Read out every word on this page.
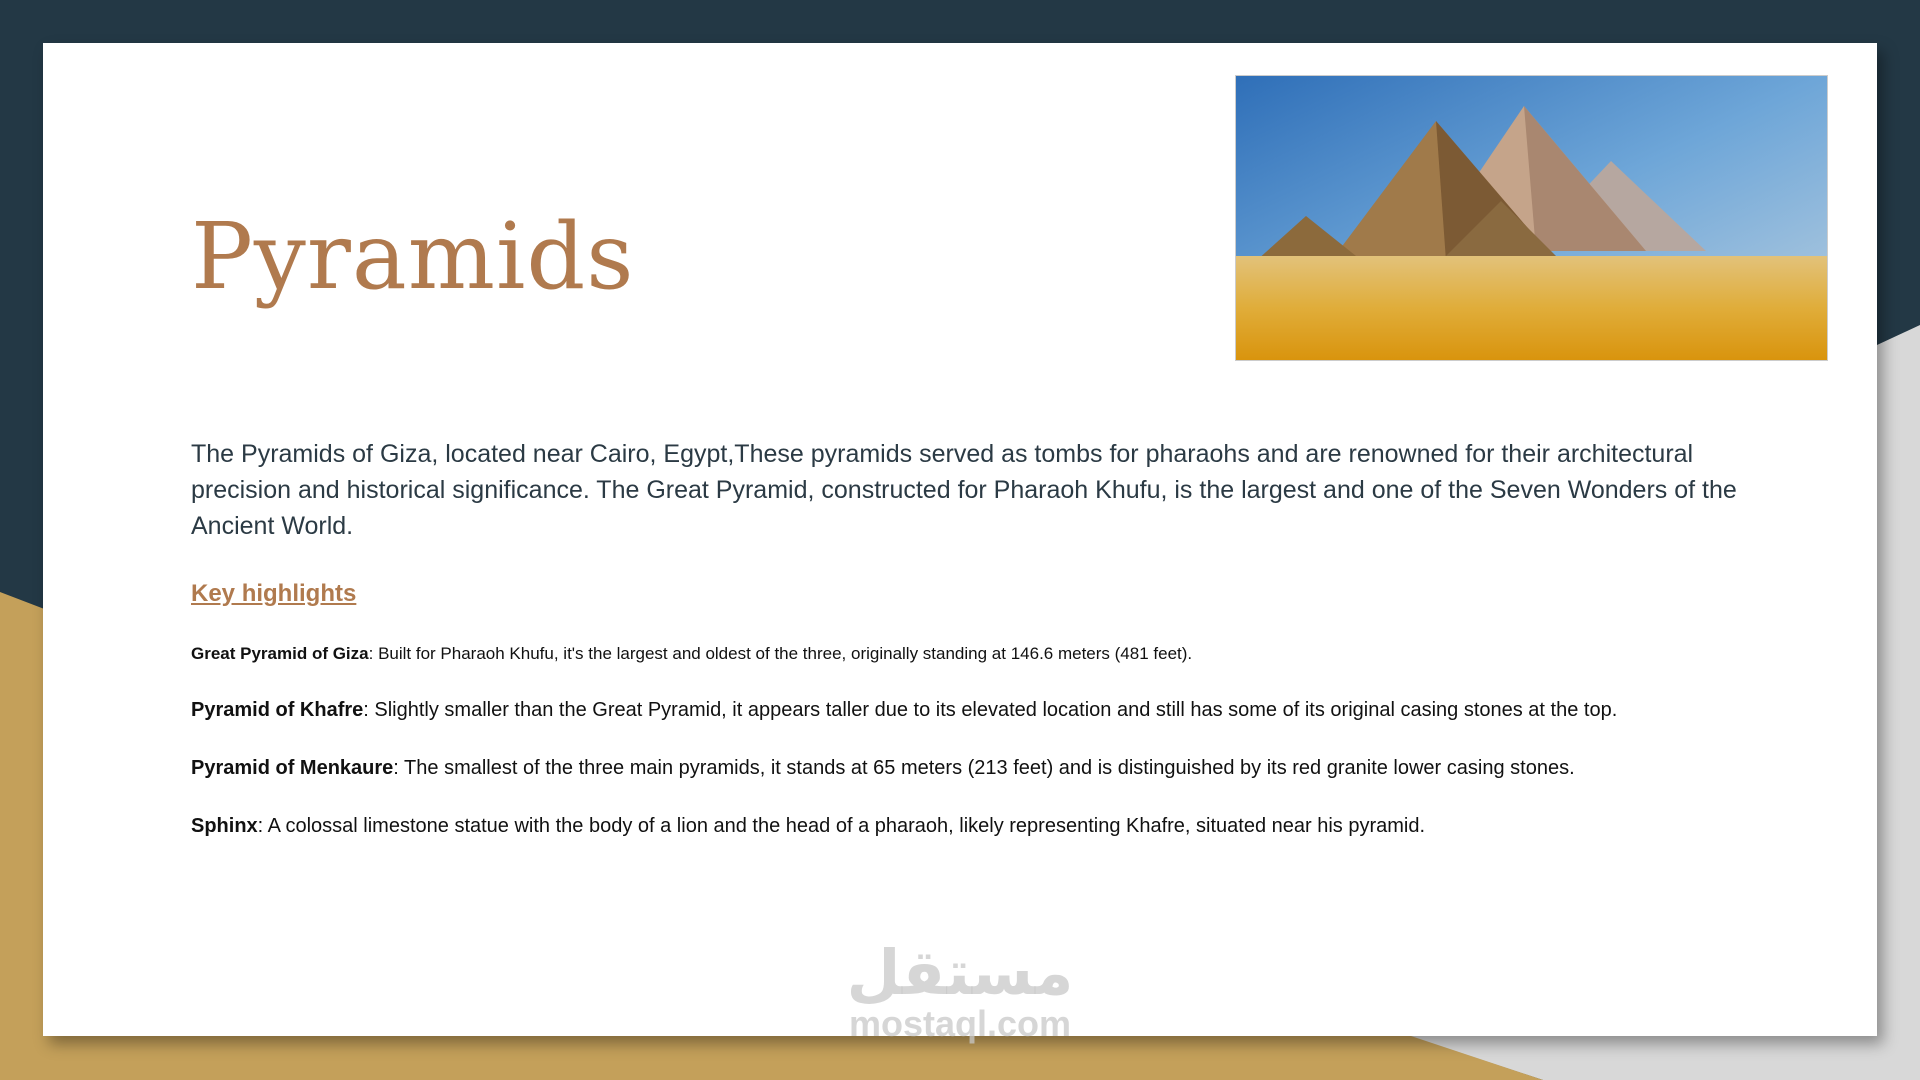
Pyramids

The Pyramids of Giza, located near Cairo, Egypt,These pyramids served as tombs for pharaohs and are renowned for their architectural precision and historical significance. The Great Pyramid, constructed for Pharaoh Khufu, is the largest and one of the Seven Wonders of the Ancient World.

Key highlights

Great Pyramid of Giza: Built for Pharaoh Khufu, it's the largest and oldest of the three, originally standing at 146.6 meters (481 feet).

Pyramid of Khafre: Slightly smaller than the Great Pyramid, it appears taller due to its elevated location and still has some of its original casing stones at the top.

Pyramid of Menkaure: The smallest of the three main pyramids, it stands at 65 meters (213 feet) and is distinguished by its red granite lower casing stones.

Sphinx: A colossal limestone statue with the body of a lion and the head of a pharaoh, likely representing Khafre, situated near his pyramid.

مستقل
mostaql.com
